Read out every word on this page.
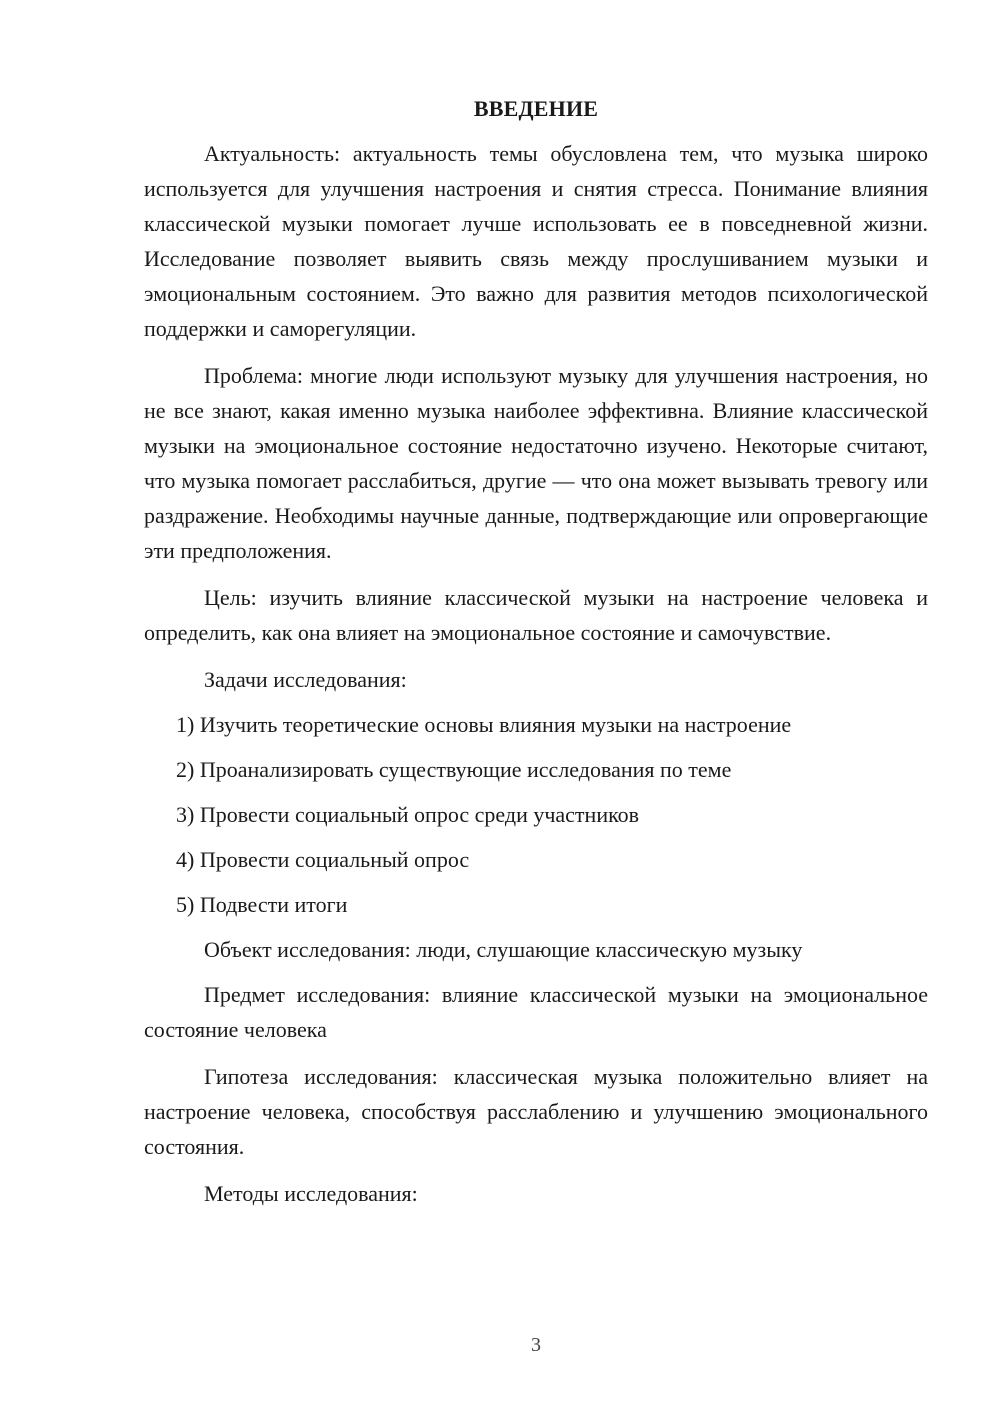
ВВЕДЕНИЕ

Актуальность: актуальность темы обусловлена тем, что музыка широко используется для улучшения настроения и снятия стресса. Понимание влияния классической музыки помогает лучше использовать ее в повседневной жизни. Исследование позволяет выявить связь между прослушиванием музыки и эмоциональным состоянием. Это важно для развития методов психологической поддержки и саморегуляции.

Проблема: многие люди используют музыку для улучшения настроения, но не все знают, какая именно музыка наиболее эффективна. Влияние классической музыки на эмоциональное состояние недостаточно изучено. Некоторые считают, что музыка помогает расслабиться, другие — что она может вызывать тревогу или раздражение. Необходимы научные данные, подтверждающие или опровергающие эти предположения.

Цель: изучить влияние классической музыки на настроение человека и определить, как она влияет на эмоциональное состояние и самочувствие.

Задачи исследования:

1) Изучить теоретические основы влияния музыки на настроение
2) Проанализировать существующие исследования по теме
3) Провести социальный опрос среди участников
4) Провести социальный опрос
5) Подвести итоги

Объект исследования: люди, слушающие классическую музыку

Предмет исследования: влияние классической музыки на эмоциональное состояние человека

Гипотеза исследования: классическая музыка положительно влияет на настроение человека, способствуя расслаблению и улучшению эмоционального состояния.

Методы исследования:

3
